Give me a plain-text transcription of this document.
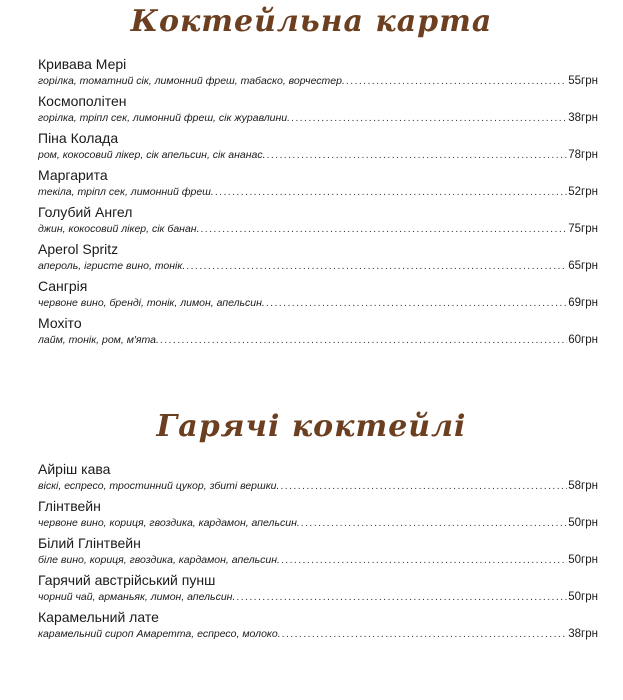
Коктейльна карта
Кривава Мері
горілка, томатний сік, лимонний фреш, табаско, ворчестер. .....	55грн
Космополітен
горілка, тріпл сек, лимонний фреш, сік журавлини. .....	38грн
Піна Колада
ром, кокосовий лікер, сік апельсин, сік ананас. .....	78грн
Маргарита
текіла, тріпл сек, лимонний фреш. .....	52грн
Голубий Ангел
джин, кокосовий лікер, сік банан. .....	75грн
Aperol Spritz
апероль, ігристе вино, тонік. .....	65грн
Сангрія
червоне вино, бренді, тонік, лимон, апельсин. .....	69грн
Мохіто
лайм, тонік, ром, м'ята. .....	60грн
Гарячі коктейлі
Айріш кава
віскі, еспресо, тростинний цукор, збиті вершки. .....	58грн
Глінтвейн
червоне вино, кориця, гвоздика, кардамон, апельсин. .....	50грн
Білий Глінтвейн
біле вино, кориця, гвоздика, кардамон, апельсин. .....	50грн
Гарячий австрійський пунш
чорний чай, арманьяк, лимон, апельсин. .....	50грн
Карамельний лате
карамельний сироп Амаретта, еспресо, молоко. .....	38грн
